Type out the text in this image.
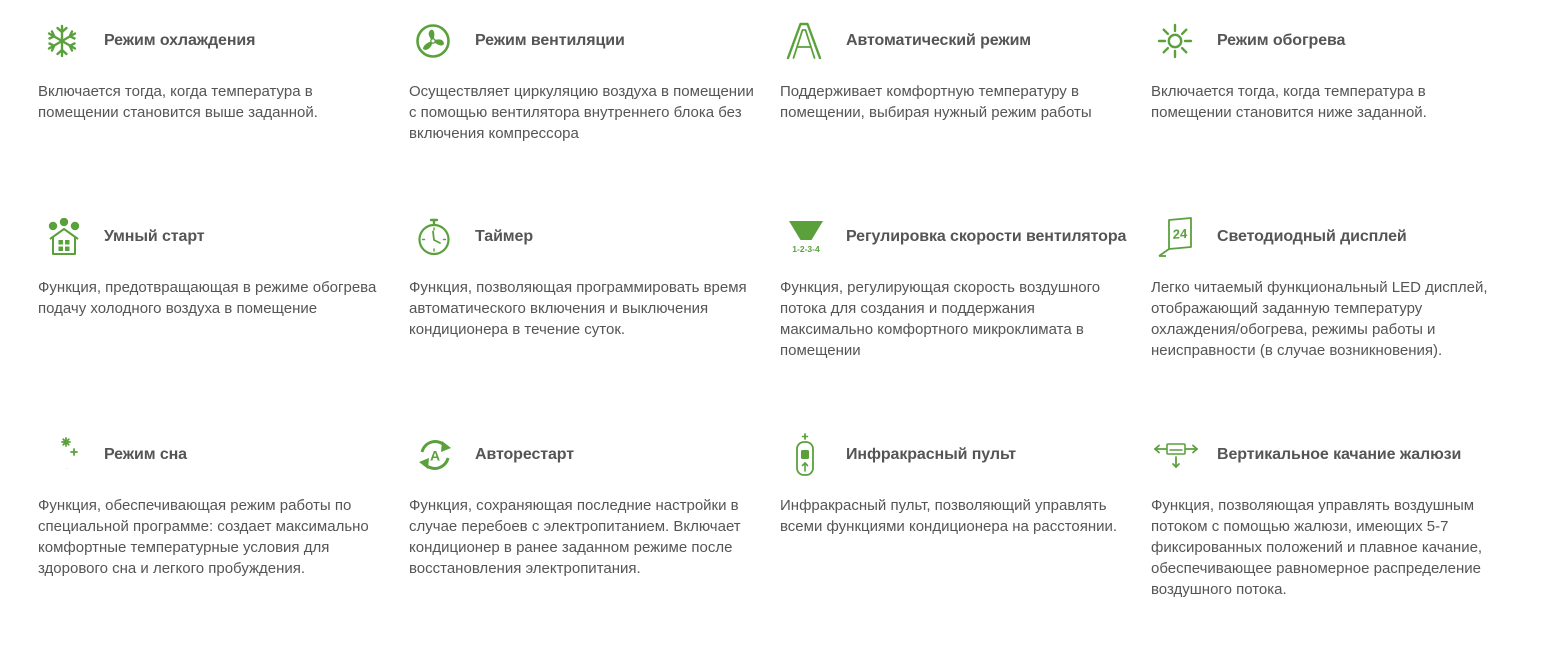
Режим охлаждения

Включается тогда, когда температура в помещении становится выше заданной.

Режим вентиляции

Осуществляет циркуляцию воздуха в помещении с помощью вентилятора внутреннего блока без включения компрессора

Автоматический режим

Поддерживает комфортную температуру в помещении, выбирая нужный режим работы

Режим обогрева

Включается тогда, когда температура в помещении становится ниже заданной.

Умный старт

Функция, предотвращающая в режиме обогрева подачу холодного воздуха в помещение

Таймер

Функция, позволяющая программировать время автоматического включения и выключения кондиционера в течение суток.

1-2-3-4
Регулировка скорости вентилятора

Функция, регулирующая скорость воздушного потока для создания и поддержания максимально комфортного микроклимата в помещении

24 Светодиодный дисплей

Легко читаемый функциональный LED дисплей, отображающий заданную температуру охлаждения/обогрева, режимы работы и неисправности (в случае возникновения).

Режим сна

Функция, обеспечивающая режим работы по специальной программе: создает максимально комфортные температурные условия для здорового сна и легкого пробуждения.

A Авторестарт

Функция, сохраняющая последние настройки в случае перебоев с электропитанием. Включает кондиционер в ранее заданном режиме после восстановления электропитания.

Инфракрасный пульт

Инфракрасный пульт, позволяющий управлять всеми функциями кондиционера на расстоянии.

Вертикальное качание жалюзи

Функция, позволяющая управлять воздушным потоком с помощью жалюзи, имеющих 5-7 фиксированных положений и плавное качание, обеспечивающее равномерное распределение воздушного потока.
